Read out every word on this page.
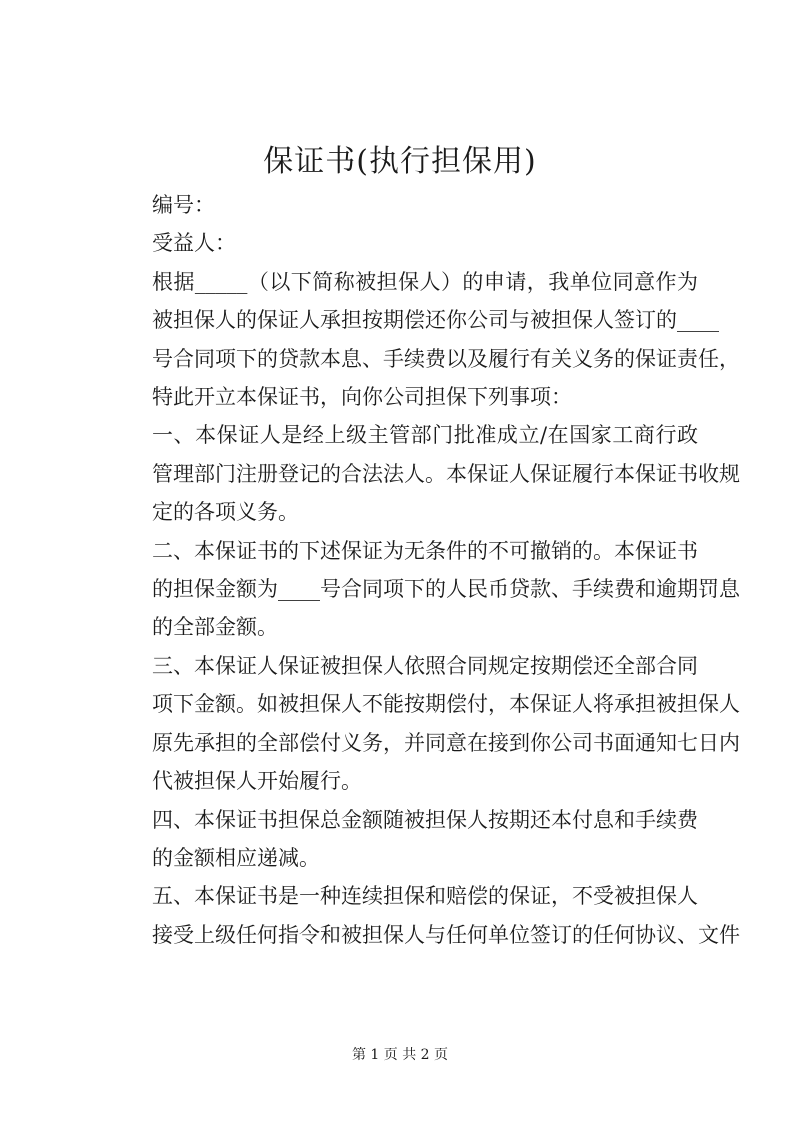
保证书(执行担保用)

编号：

受益人：

根据_____（以下简称被担保人）的申请，我单位同意作为
被担保人的保证人承担按期偿还你公司与被担保人签订的____
号合同项下的贷款本息、手续费以及履行有关义务的保证责任，
特此开立本保证书，向你公司担保下列事项：

一、本保证人是经上级主管部门批准成立/在国家工商行政
管理部门注册登记的合法法人。本保证人保证履行本保证书收规
定的各项义务。

二、本保证书的下述保证为无条件的不可撤销的。本保证书
的担保金额为____号合同项下的人民币贷款、手续费和逾期罚息
的全部金额。

三、本保证人保证被担保人依照合同规定按期偿还全部合同
项下金额。如被担保人不能按期偿付，本保证人将承担被担保人
原先承担的全部偿付义务，并同意在接到你公司书面通知七日内
代被担保人开始履行。

四、本保证书担保总金额随被担保人按期还本付息和手续费
的金额相应递减。

五、本保证书是一种连续担保和赔偿的保证，不受被担保人
接受上级任何指令和被担保人与任何单位签订的任何协议、文件

第 1 页 共 2 页
